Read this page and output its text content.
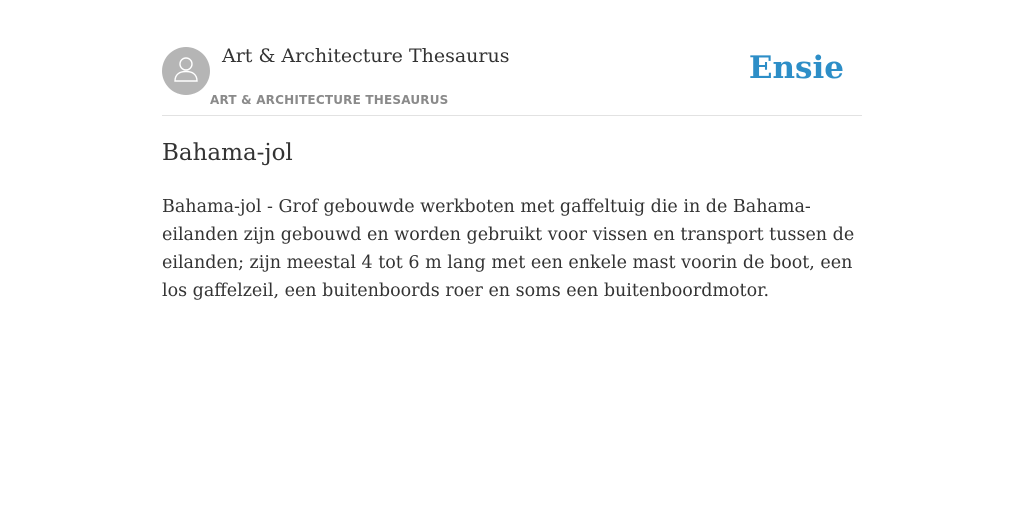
Art & Architecture Thesaurus
ART & ARCHITECTURE THESAURUS
Ensie
Bahama-jol

Bahama-jol - Grof gebouwde werkboten met gaffeltuig die in de Bahama-eilanden zijn gebouwd en worden gebruikt voor vissen en transport tussen de eilanden; zijn meestal 4 tot 6 m lang met een enkele mast voorin de boot, een los gaffelzeil, een buitenboords roer en soms een buitenboordmotor.
